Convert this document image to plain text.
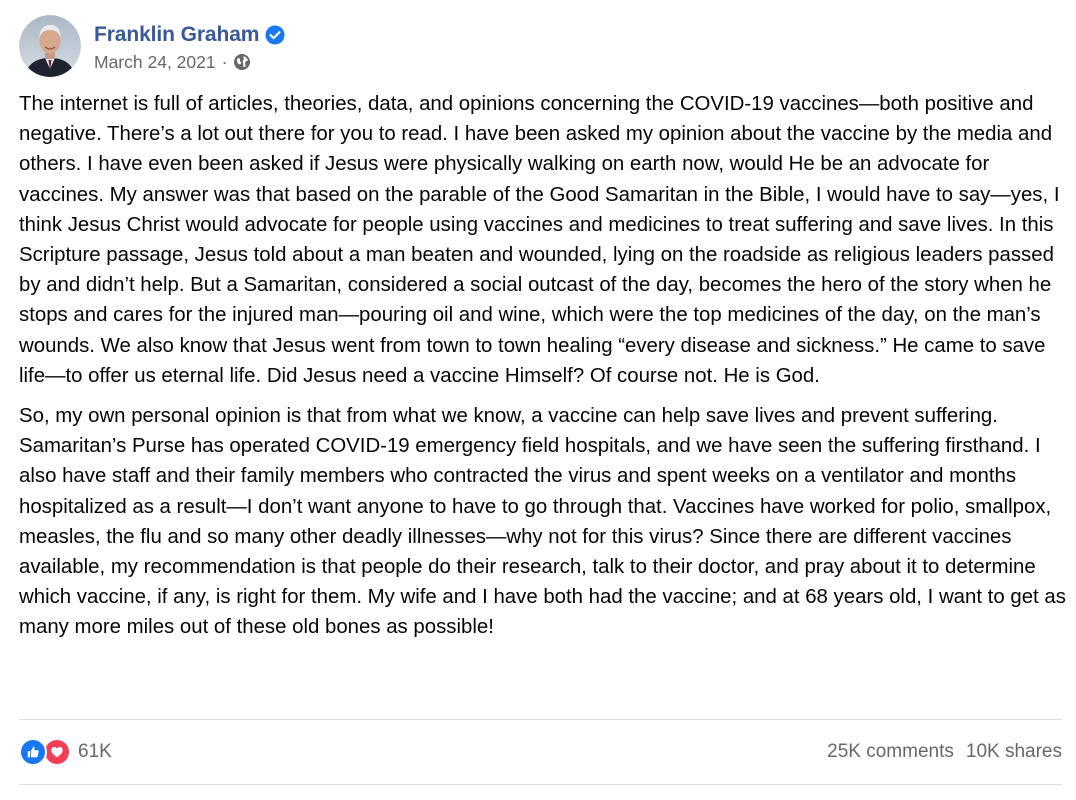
Franklin Graham
March 24, 2021 ·

The internet is full of articles, theories, data, and opinions concerning the COVID-19 vaccines—both positive and negative. There’s a lot out there for you to read. I have been asked my opinion about the vaccine by the media and others. I have even been asked if Jesus were physically walking on earth now, would He be an advocate for vaccines. My answer was that based on the parable of the Good Samaritan in the Bible, I would have to say—yes, I think Jesus Christ would advocate for people using vaccines and medicines to treat suffering and save lives. In this Scripture passage, Jesus told about a man beaten and wounded, lying on the roadside as religious leaders passed by and didn’t help. But a Samaritan, considered a social outcast of the day, becomes the hero of the story when he stops and cares for the injured man—pouring oil and wine, which were the top medicines of the day, on the man’s wounds. We also know that Jesus went from town to town healing “every disease and sickness.” He came to save life—to offer us eternal life. Did Jesus need a vaccine Himself? Of course not. He is God.

So, my own personal opinion is that from what we know, a vaccine can help save lives and prevent suffering. Samaritan’s Purse has operated COVID-19 emergency field hospitals, and we have seen the suffering firsthand. I also have staff and their family members who contracted the virus and spent weeks on a ventilator and months hospitalized as a result—I don’t want anyone to have to go through that. Vaccines have worked for polio, smallpox, measles, the flu and so many other deadly illnesses—why not for this virus? Since there are different vaccines available, my recommendation is that people do their research, talk to their doctor, and pray about it to determine which vaccine, if any, is right for them. My wife and I have both had the vaccine; and at 68 years old, I want to get as many more miles out of these old bones as possible!

61K	25K comments 10K shares
